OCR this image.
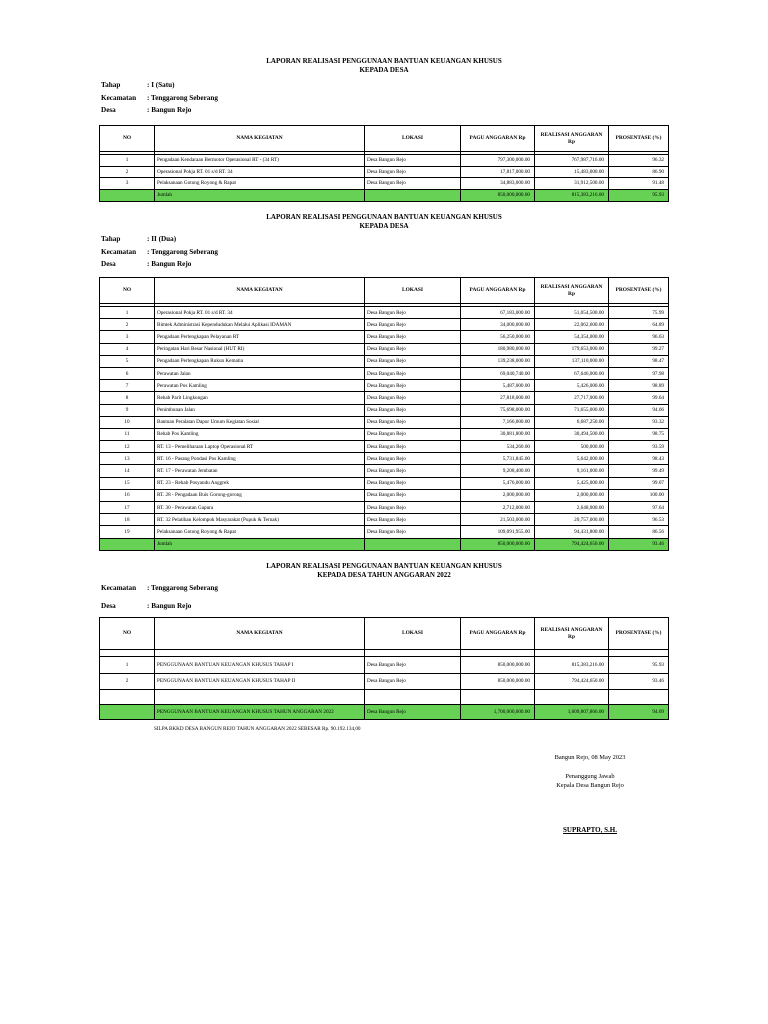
LAPORAN REALISASI PENGGUNAAN BANTUAN KEUANGAN KHUSUS
KEPADA DESA
Tahap	: I (Satu)
Kecamatan	: Tenggarong Seberang
Desa	: Bangun Rejo
NO	NAMA KEGIATAN	LOKASI	PAGU ANGGARAN Rp	REALISASI ANGGARAN Rp	PROSENTASE (%)

1	Pengadaan Kendaraan Bermotor Operasional RT - (34 RT)	Desa Bangun Rejo	797,300,000.00	767,987,716.00	96.32
2	Operasional Pokja RT. 01 s/d RT. 34	Desa Bangun Rejo	17,817,000.00	15,483,000.00	86.90
3	Pelaksanaan Gotong Royong & Rapat	Desa Bangun Rejo	34,883,000.00	31,912,500.00	91.48
	Jumlah		850,000,000.00	815,383,216.00	95.93
LAPORAN REALISASI PENGGUNAAN BANTUAN KEUANGAN KHUSUS
KEPADA DESA
Tahap	: II (Dua)
Kecamatan	: Tenggarong Seberang
Desa	: Bangun Rejo
NO	NAMA KEGIATAN	LOKASI	PAGU ANGGARAN Rp	REALISASI ANGGARAN Rp	PROSENTASE (%)

1	Operasional Pokja RT. 01 s/d RT. 34	Desa Bangun Rejo	67,183,000.00	51,054,500.00	75.99
2	Bimtek Administrasi Kependudukan Melalui Aplikasi IDAMAN	Desa Bangun Rejo	34,000,000.00	22,062,600.00	64.89
3	Pengadaan Perlengkapan Pelayanan RT	Desa Bangun Rejo	56,250,000.00	54,354,000.00	96.63
4	Peringatan Hari Besar Nasional (HUT RI)	Desa Bangun Rejo	180,980,000.00	179,653,000.00	99.27
5	Pengadaan Perlengkapan Rukun Kematia	Desa Bangun Rejo	139,238,000.00	137,110,000.00	98.47
6	Perawatan Jalan	Desa Bangun Rejo	69,040,740.00	67,646,000.00	97.98
7	Perawatan Pos Kamling	Desa Bangun Rejo	5,487,000.00	5,426,000.00	98.89
8	Rehab Parit Lingkungan	Desa Bangun Rejo	27,818,000.00	27,717,000.00	99.64
9	Penimbunan Jalan	Desa Bangun Rejo	75,698,000.00	71,655,000.00	94.66
10	Bantuan Peralatan Dapur Umum Kegiatan Sosial	Desa Bangun Rejo	7,166,000.00	6,687,250.00	93.32
11	Rehab Pos Kamling	Desa Bangun Rejo	30,881,800.00	30,494,500.00	98.75
12	RT. 13 - Pemeliharaan Laptop Operasional RT	Desa Bangun Rejo	534,260.00	500,000.00	93.59
13	RT. 16 - Pasang Pondasi Pos Kamling	Desa Bangun Rejo	5,731,845.00	5,642,000.00	98.43
14	RT. 17 - Perawatan Jembatan	Desa Bangun Rejo	9,208,400.00	9,161,000.00	99.49
15	RT. 23 - Rehab Posyandu Anggrek	Desa Bangun Rejo	5,476,000.00	5,425,000.00	99.07
16	RT. 28 - Pengadaan Buis Gorong-gorong	Desa Bangun Rejo	2,000,000.00	2,000,000.00	100.00
17	RT. 30 - Perawatan Gapura	Desa Bangun Rejo	2,712,000.00	2,648,000.00	97.64
18	RT. 32 Pelatihan Kelompok Masyarakat (Pupuk & Ternak)	Desa Bangun Rejo	21,503,000.00	20,757,000.00	96.53
19	Pelaksanaan Gotong Royong & Rapat	Desa Bangun Rejo	109,091,955.00	94,431,800.00	86.56
	Jumlah		850,000,000.00	794,424,650.00	93.46
LAPORAN REALISASI PENGGUNAAN BANTUAN KEUANGAN KHUSUS
KEPADA DESA TAHUN ANGGARAN 2022
Kecamatan	: Tenggarong Seberang
Desa	: Bangun Rejo
NO	NAMA KEGIATAN	LOKASI	PAGU ANGGARAN Rp	REALISASI ANGGARAN Rp	PROSENTASE (%)

1	PENGGUNAAN BANTUAN KEUANGAN KHUSUS TAHAP I	Desa Bangun Rejo	850,000,000.00	815,383,216.00	95.93
2	PENGGUNAAN BANTUAN KEUANGAN KHUSUS TAHAP II	Desa Bangun Rejo	850,000,000.00	794,424,650.00	93.46

	PENGGUNAAN BANTUAN KEUANGAN KHUSUS TAHUN ANGGARAN 2022	Desa Bangun Rejo	1,700,000,000.00	1,609,807,866.00	94.69
SILPA BKKD DESA BANGUN REJO TAHUN ANGGARAN 2022 SEBESAR Rp. 90.192.134,00
Bangun Rejo, 08 May 2023
Penanggung Jawab
Kepala Desa Bangun Rejo
SUPRAPTO, S.H.
